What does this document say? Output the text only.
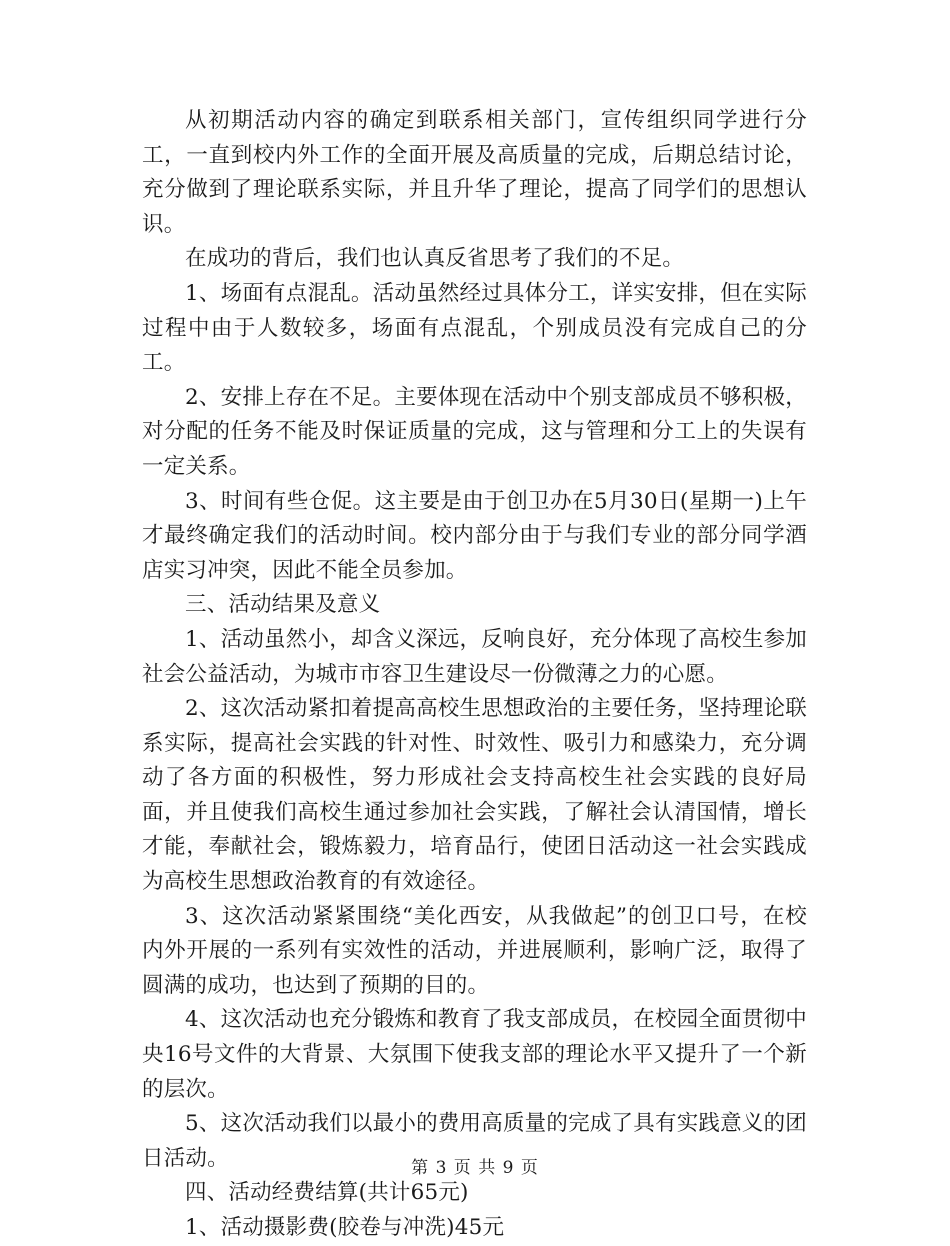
从初期活动内容的确定到联系相关部门，宣传组织同学进行分工，一直到校内外工作的全面开展及高质量的完成，后期总结讨论，充分做到了理论联系实际，并且升华了理论，提高了同学们的思想认识。

在成功的背后，我们也认真反省思考了我们的不足。

1、场面有点混乱。活动虽然经过具体分工，详实安排，但在实际过程中由于人数较多，场面有点混乱，个别成员没有完成自己的分工。

2、安排上存在不足。主要体现在活动中个别支部成员不够积极，对分配的任务不能及时保证质量的完成，这与管理和分工上的失误有一定关系。

3、时间有些仓促。这主要是由于创卫办在5月30日(星期一)上午才最终确定我们的活动时间。校内部分由于与我们专业的部分同学酒店实习冲突，因此不能全员参加。

三、活动结果及意义

1、活动虽然小，却含义深远，反响良好，充分体现了高校生参加社会公益活动，为城市市容卫生建设尽一份微薄之力的心愿。

2、这次活动紧扣着提高高校生思想政治的主要任务，坚持理论联系实际，提高社会实践的针对性、时效性、吸引力和感染力，充分调动了各方面的积极性，努力形成社会支持高校生社会实践的良好局面，并且使我们高校生通过参加社会实践，了解社会认清国情，增长才能，奉献社会，锻炼毅力，培育品行，使团日活动这一社会实践成为高校生思想政治教育的有效途径。

3、这次活动紧紧围绕“美化西安，从我做起”的创卫口号，在校内外开展的一系列有实效性的活动，并进展顺利，影响广泛，取得了圆满的成功，也达到了预期的目的。

4、这次活动也充分锻炼和教育了我支部成员，在校园全面贯彻中央16号文件的大背景、大氛围下使我支部的理论水平又提升了一个新的层次。

5、这次活动我们以最小的费用高质量的完成了具有实践意义的团日活动。

四、活动经费结算(共计65元)

1、活动摄影费(胶卷与冲洗)45元

第 3 页 共 9 页
